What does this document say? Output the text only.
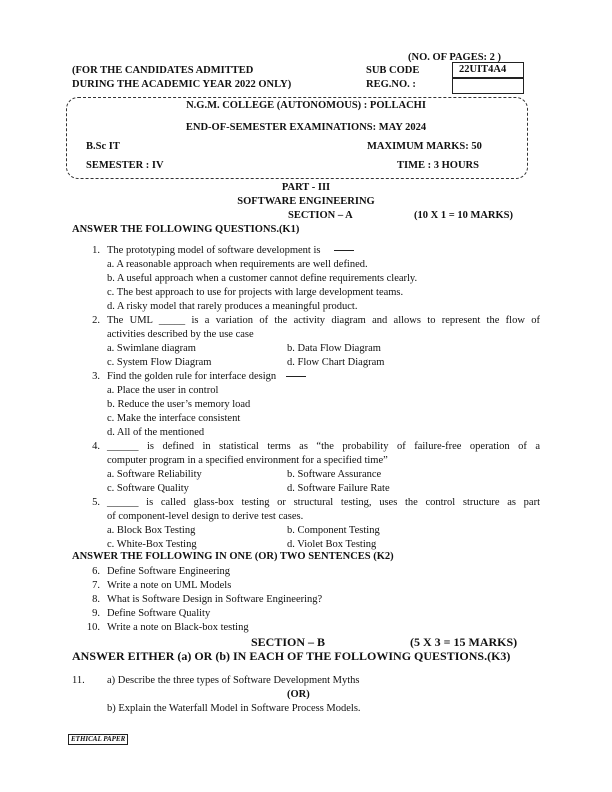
(NO. OF PAGES: 2 )
(FOR THE CANDIDATES ADMITTED
DURING THE ACADEMIC YEAR 2022 ONLY)
SUB CODE	22UIT4A4
REG.NO. :
N.G.M. COLLEGE (AUTONOMOUS) : POLLACHI
END-OF-SEMESTER EXAMINATIONS: MAY 2024
B.Sc IT	MAXIMUM MARKS: 50
SEMESTER : IV	TIME : 3 HOURS
PART - III
SOFTWARE ENGINEERING
SECTION – A	(10 X 1 = 10 MARKS)
ANSWER THE FOLLOWING QUESTIONS.(K1)
1. The prototyping model of software development is
a. A reasonable approach when requirements are well defined.
b. A useful approach when a customer cannot define requirements clearly.
c. The best approach to use for projects with large development teams.
d. A risky model that rarely produces a meaningful product.
2. The UML _____ is a variation of the activity diagram and allows to represent the flow of
activities described by the use case
a. Swimlane diagram	b. Data Flow Diagram
c. System Flow Diagram	d. Flow Chart Diagram
3. Find the golden rule for interface design
a. Place the user in control
b. Reduce the user’s memory load
c. Make the interface consistent
d. All of the mentioned
4. ______ is defined in statistical terms as “the probability of failure-free operation of a
computer program in a specified environment for a specified time”
a. Software Reliability	b. Software Assurance
c. Software Quality	d. Software Failure Rate
5. ______ is called glass-box testing or structural testing, uses the control structure as part
of component-level design to derive test cases.
a. Block Box Testing	b. Component Testing
c. White-Box Testing	d. Violet Box Testing
ANSWER THE FOLLOWING IN ONE (OR) TWO SENTENCES (K2)
6. Define Software Engineering
7. Write a note on UML Models
8. What is Software Design in Software Engineering?
9. Define Software Quality
10. Write a note on Black-box testing
SECTION – B	(5 X 3 = 15 MARKS)
ANSWER EITHER (a) OR (b) IN EACH OF THE FOLLOWING QUESTIONS.(K3)
11. a) Describe the three types of Software Development Myths
(OR)
b) Explain the Waterfall Model in Software Process Models.
ETHICAL PAPER
